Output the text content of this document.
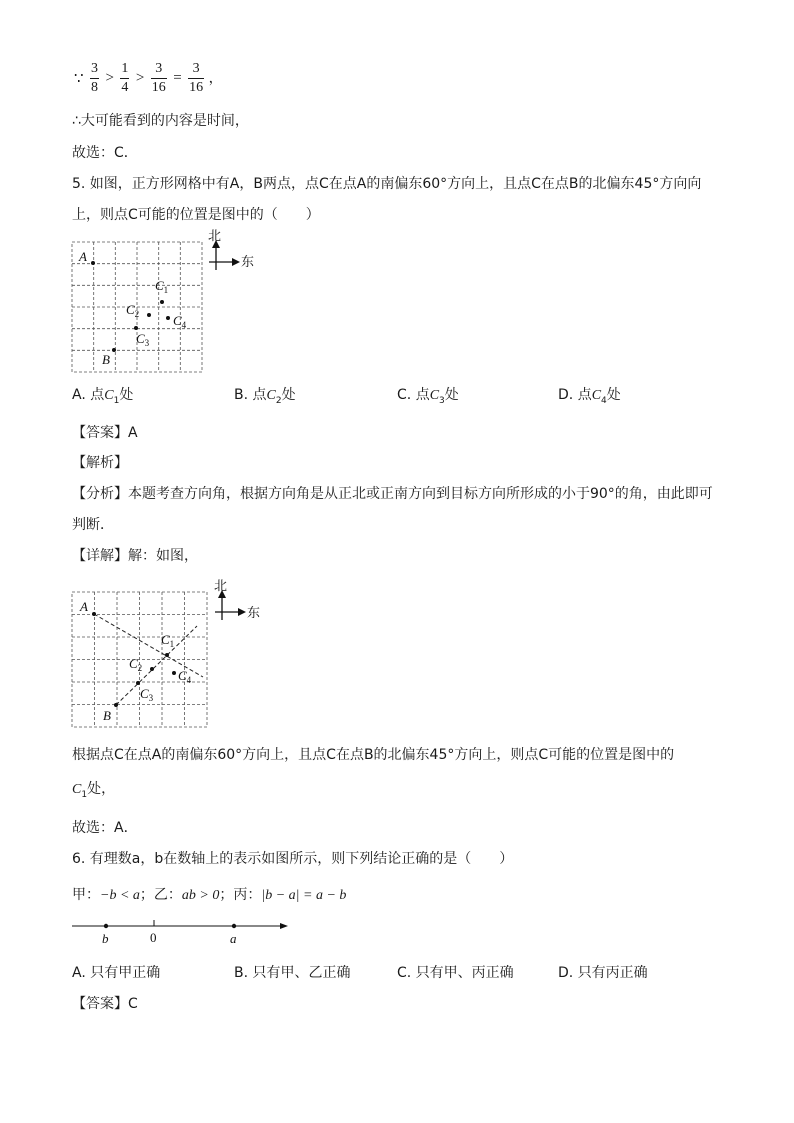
∵ $\frac{3}{8} > \frac{1}{4} > \frac{3}{16} = \frac{3}{16}$ ，
∴大可能看到的内容是时间，
故选：C．
5. 如图，正方形网格中有A，B两点，点C在点A的南偏东60°方向上，且点C在点B的北偏东45°方向向
上，则点C可能的位置是图中的（　　）
A
$C_1$
$C_2$
$C_3$
$C_4$
B
北
东
A. 点$C_1$处	B. 点$C_2$处	C. 点$C_3$处	D. 点$C_4$处
【答案】A
【解析】
【分析】本题考查方向角，根据方向角是从正北或正南方向到目标方向所形成的小于90°的角，由此即可
判断．
【详解】解：如图，
A
$C_1$
$C_2$
$C_3$
$C_4$
B
北
东
根据点C在点A的南偏东60°方向上，且点C在点B的北偏东45°方向上，则点C可能的位置是图中的
$C_1$处，
故选：A．
6. 有理数a，b在数轴上的表示如图所示，则下列结论正确的是（　　）
甲：−b < a；乙：ab > 0；丙：|b − a| = a − b
b	0	a
A. 只有甲正确	B. 只有甲、乙正确	C. 只有甲、丙正确	D. 只有丙正确
【答案】C
